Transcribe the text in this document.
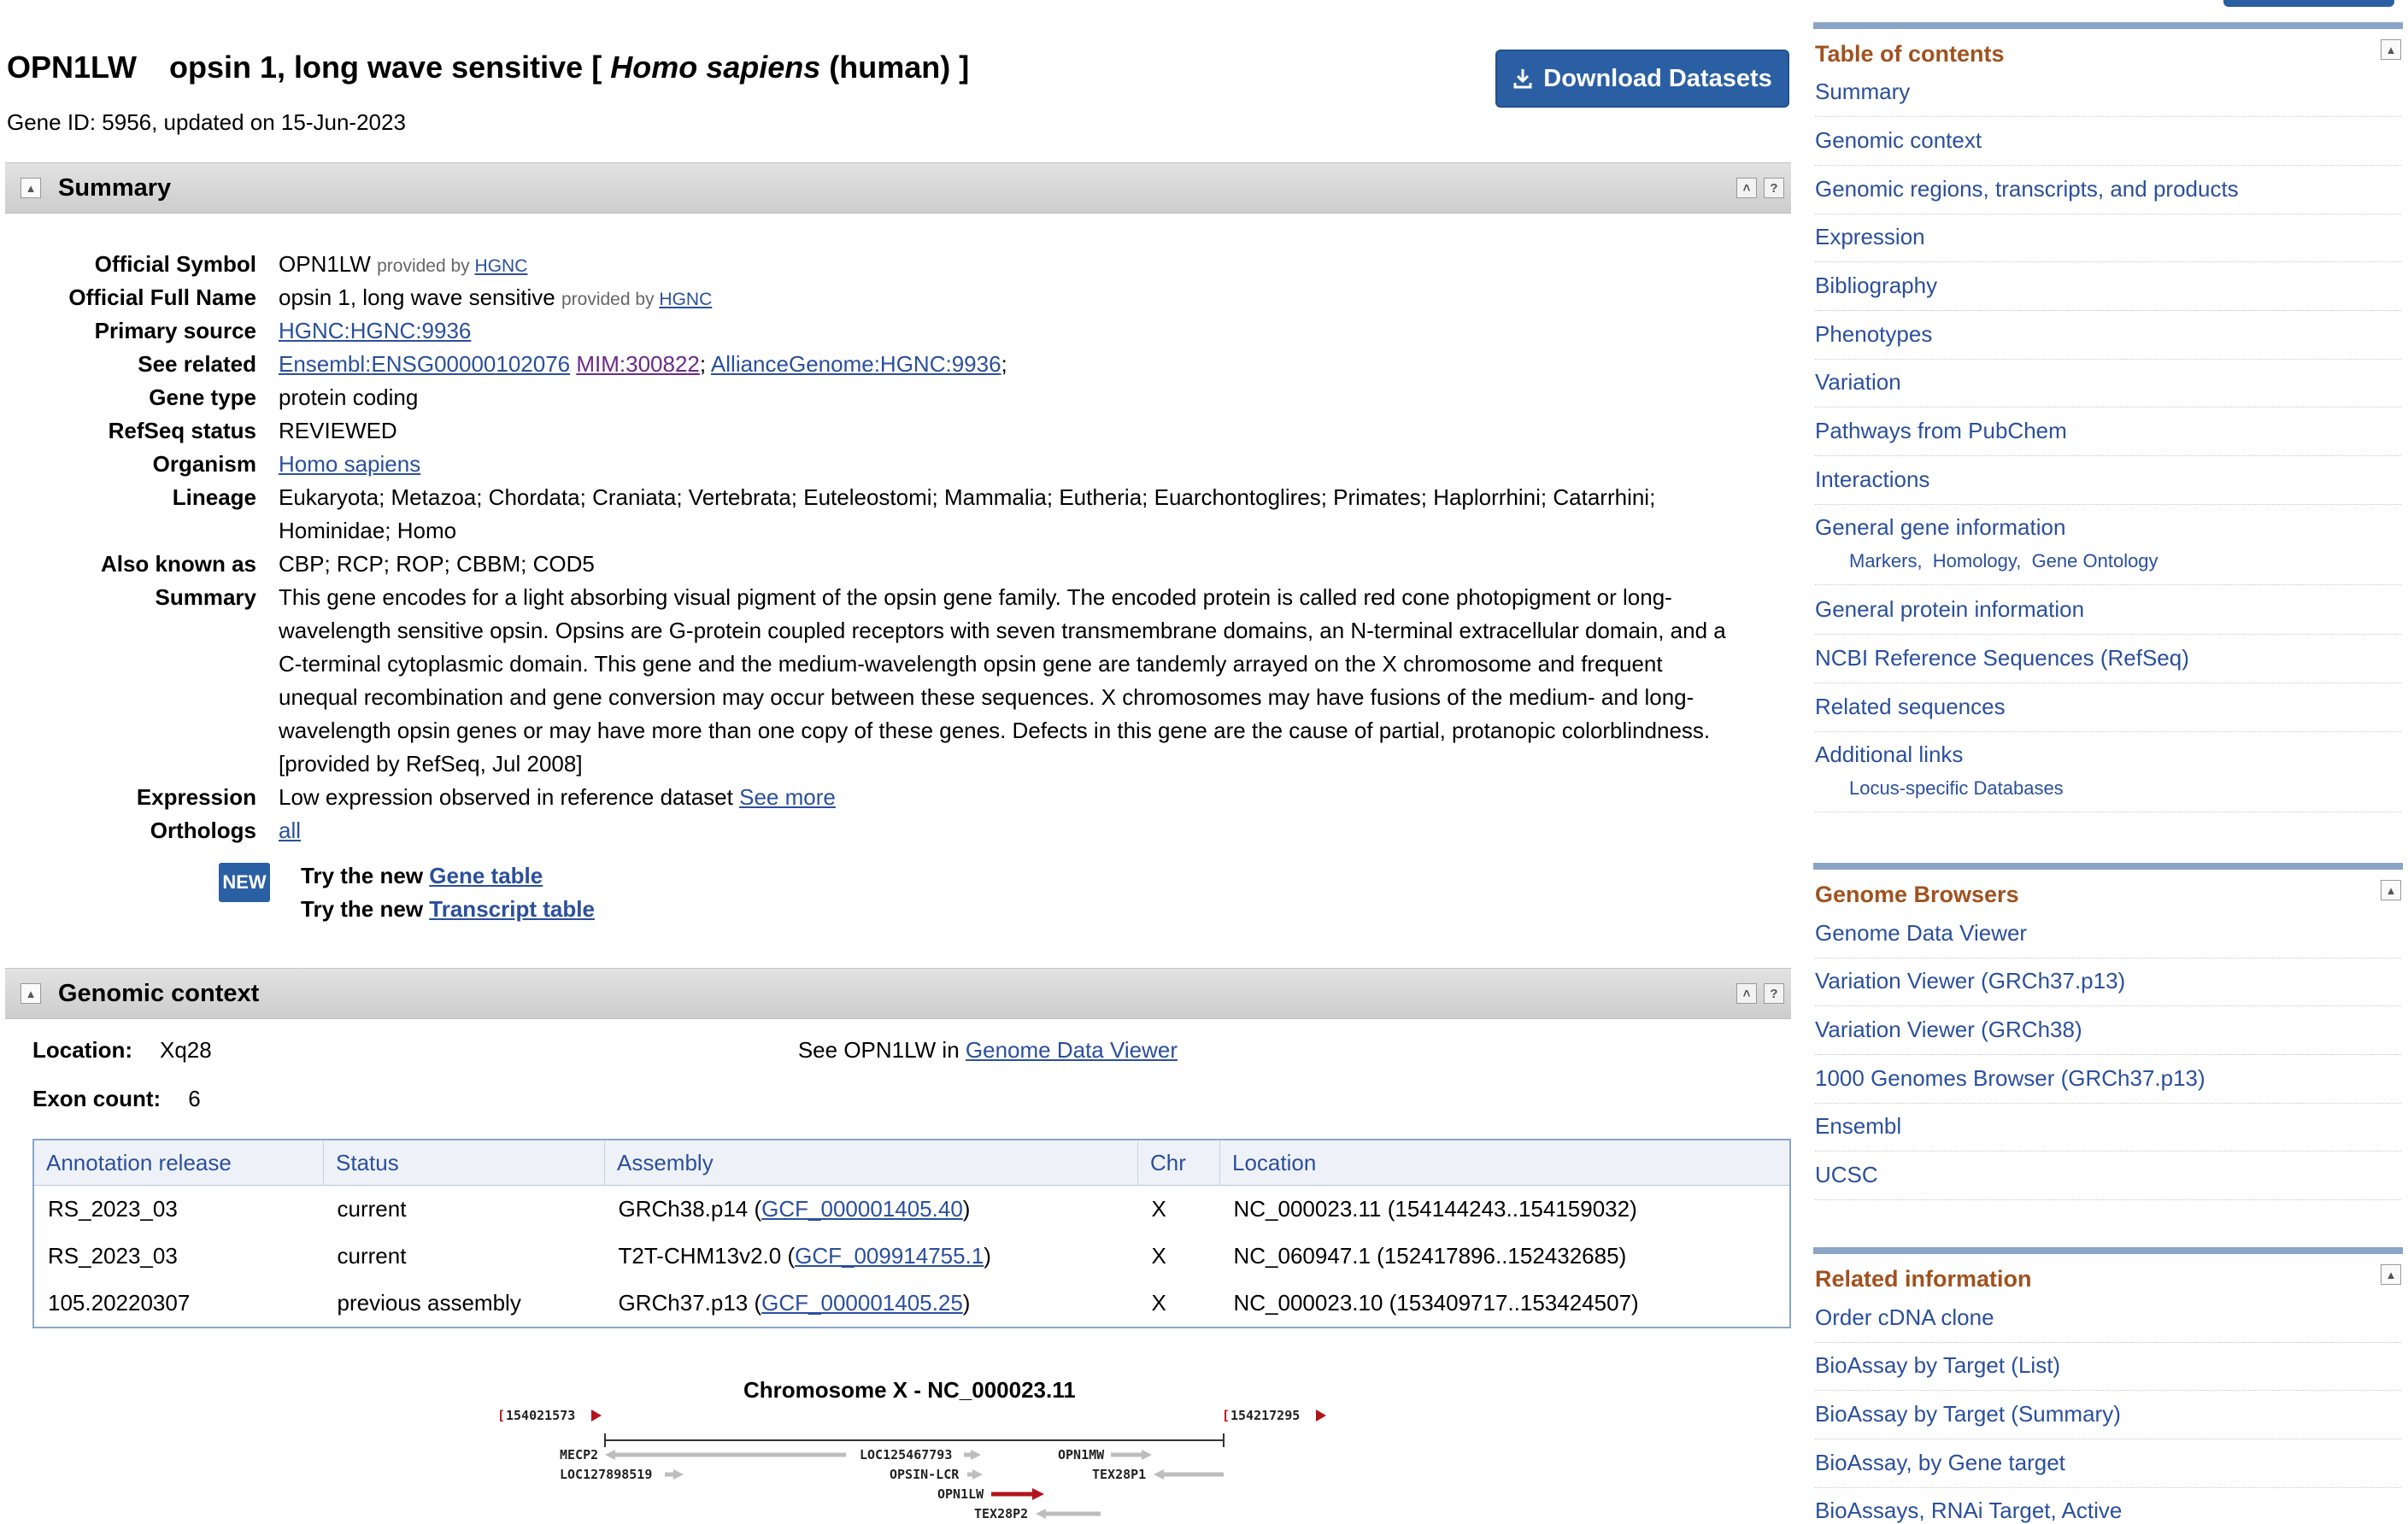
OPN1LW opsin 1, long wave sensitive [ Homo sapiens (human) ]
Gene ID: 5956, updated on 15-Jun-2023
Download Datasets
▲ Summary	˄	?
Official Symbol	OPN1LW provided by HGNC
Official Full Name	opsin 1, long wave sensitive provided by HGNC
Primary source	HGNC:HGNC:9936
See related	Ensembl:ENSG00000102076 MIM:300822; AllianceGenome:HGNC:9936;
Gene type	protein coding
RefSeq status	REVIEWED
Organism	Homo sapiens
Lineage	Eukaryota; Metazoa; Chordata; Craniata; Vertebrata; Euteleostomi; Mammalia; Eutheria; Euarchontoglires; Primates; Haplorrhini; Catarrhini;
Hominidae; Homo
Also known as	CBP; RCP; ROP; CBBM; COD5
Summary	This gene encodes for a light absorbing visual pigment of the opsin gene family. The encoded protein is called red cone photopigment or long-
wavelength sensitive opsin. Opsins are G-protein coupled receptors with seven transmembrane domains, an N-terminal extracellular domain, and a
C-terminal cytoplasmic domain. This gene and the medium-wavelength opsin gene are tandemly arrayed on the X chromosome and frequent
unequal recombination and gene conversion may occur between these sequences. X chromosomes may have fusions of the medium- and long-
wavelength opsin genes or may have more than one copy of these genes. Defects in this gene are the cause of partial, protanopic colorblindness.
[provided by RefSeq, Jul 2008]
Expression	Low expression observed in reference dataset See more
Orthologs	all
NEW Try the new Gene table
Try the new Transcript table
▲ Genomic context	˄	?
Location: Xq28
Exon count: 6
See OPN1LW in Genome Data Viewer
Annotation release	Status	Assembly	Chr	Location
RS_2023_03	current	GRCh38.p14 (GCF_000001405.40)	X	NC_000023.11 (154144243..154159032)
RS_2023_03	current	T2T-CHM13v2.0 (GCF_009914755.1)	X	NC_060947.1 (152417896..152432685)
105.20220307	previous assembly	GRCh37.p13 (GCF_000001405.25)	X	NC_000023.10 (153409717..153424507)
Chromosome X - NC_000023.11
[ 154021573	[ 154217295
MECP2
LOC127898519
LOC125467793
OPSIN-LCR
OPN1MW
TEX28P1
OPN1LW
TEX28P2
Table of contents	▲
Summary
Genomic context
Genomic regions, transcripts, and products
Expression
Bibliography
Phenotypes
Variation
Pathways from PubChem
Interactions
General gene information
Markers, Homology, Gene Ontology
General protein information
NCBI Reference Sequences (RefSeq)
Related sequences
Additional links
Locus-specific Databases
Genome Browsers	▲
Genome Data Viewer
Variation Viewer (GRCh37.p13)
Variation Viewer (GRCh38)
1000 Genomes Browser (GRCh37.p13)
Ensembl
UCSC
Related information	▲
Order cDNA clone
BioAssay by Target (List)
BioAssay by Target (Summary)
BioAssay, by Gene target
BioAssays, RNAi Target, Active
